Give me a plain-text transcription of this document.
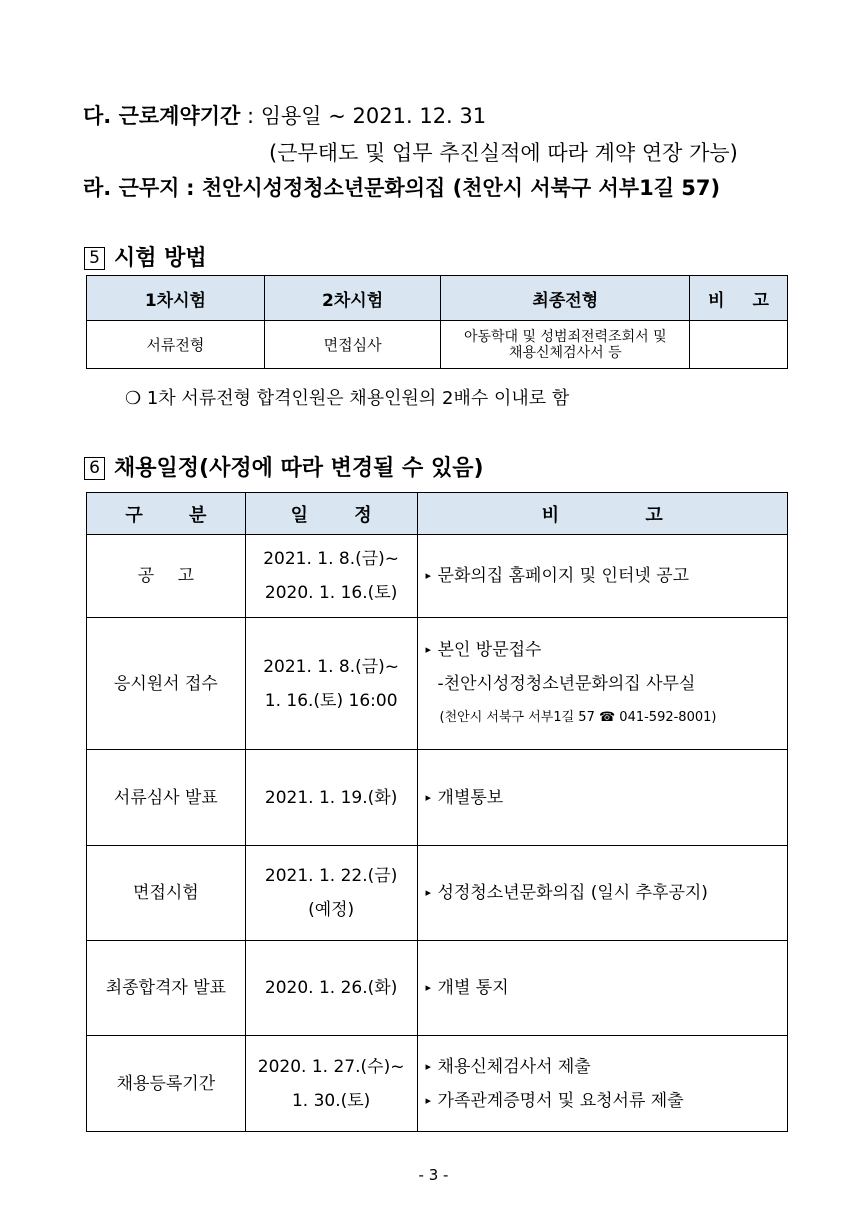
다. 근로계약기간 : 임용일 ~ 2021. 12. 31
(근무태도 및 업무 추진실적에 따라 계약 연장 가능)
라. 근무지 : 천안시성정청소년문화의집 (천안시 서북구 서부1길 57)
5 시험 방법
1차시험	2차시험	최종전형	비 고
서류전형	면접심사	아동학대 및 성범죄전력조회서 및
채용신체검사서 등	

❍ 1차 서류전형 합격인원은 채용인원의 2배수 이내로 함
6 채용일정(사정에 따라 변경될 수 있음)
구 분	일 정	비 고
공 고	2021. 1. 8.(금)~
2020. 1. 16.(토)	▸ 문화의집 홈페이지 및 인터넷 공고
응시원서 접수	2021. 1. 8.(금)~
1. 16.(토) 16:00	▸ 본인 방문접수
-천안시성정청소년문화의집 사무실
(천안시 서북구 서부1길 57 ☎ 041-592-8001)

서류심사 발표	2021. 1. 19.(화)	▸ 개별통보
면접시험	2021. 1. 22.(금)
(예정)	▸ 성정청소년문화의집 (일시 추후공지)
최종합격자 발표	2020. 1. 26.(화)	▸ 개별 통지
채용등록기간	2020. 1. 27.(수)~
1. 30.(토)	▸ 채용신체검사서 제출
▸ 가족관계증명서 및 요청서류 제출
- 3 -
